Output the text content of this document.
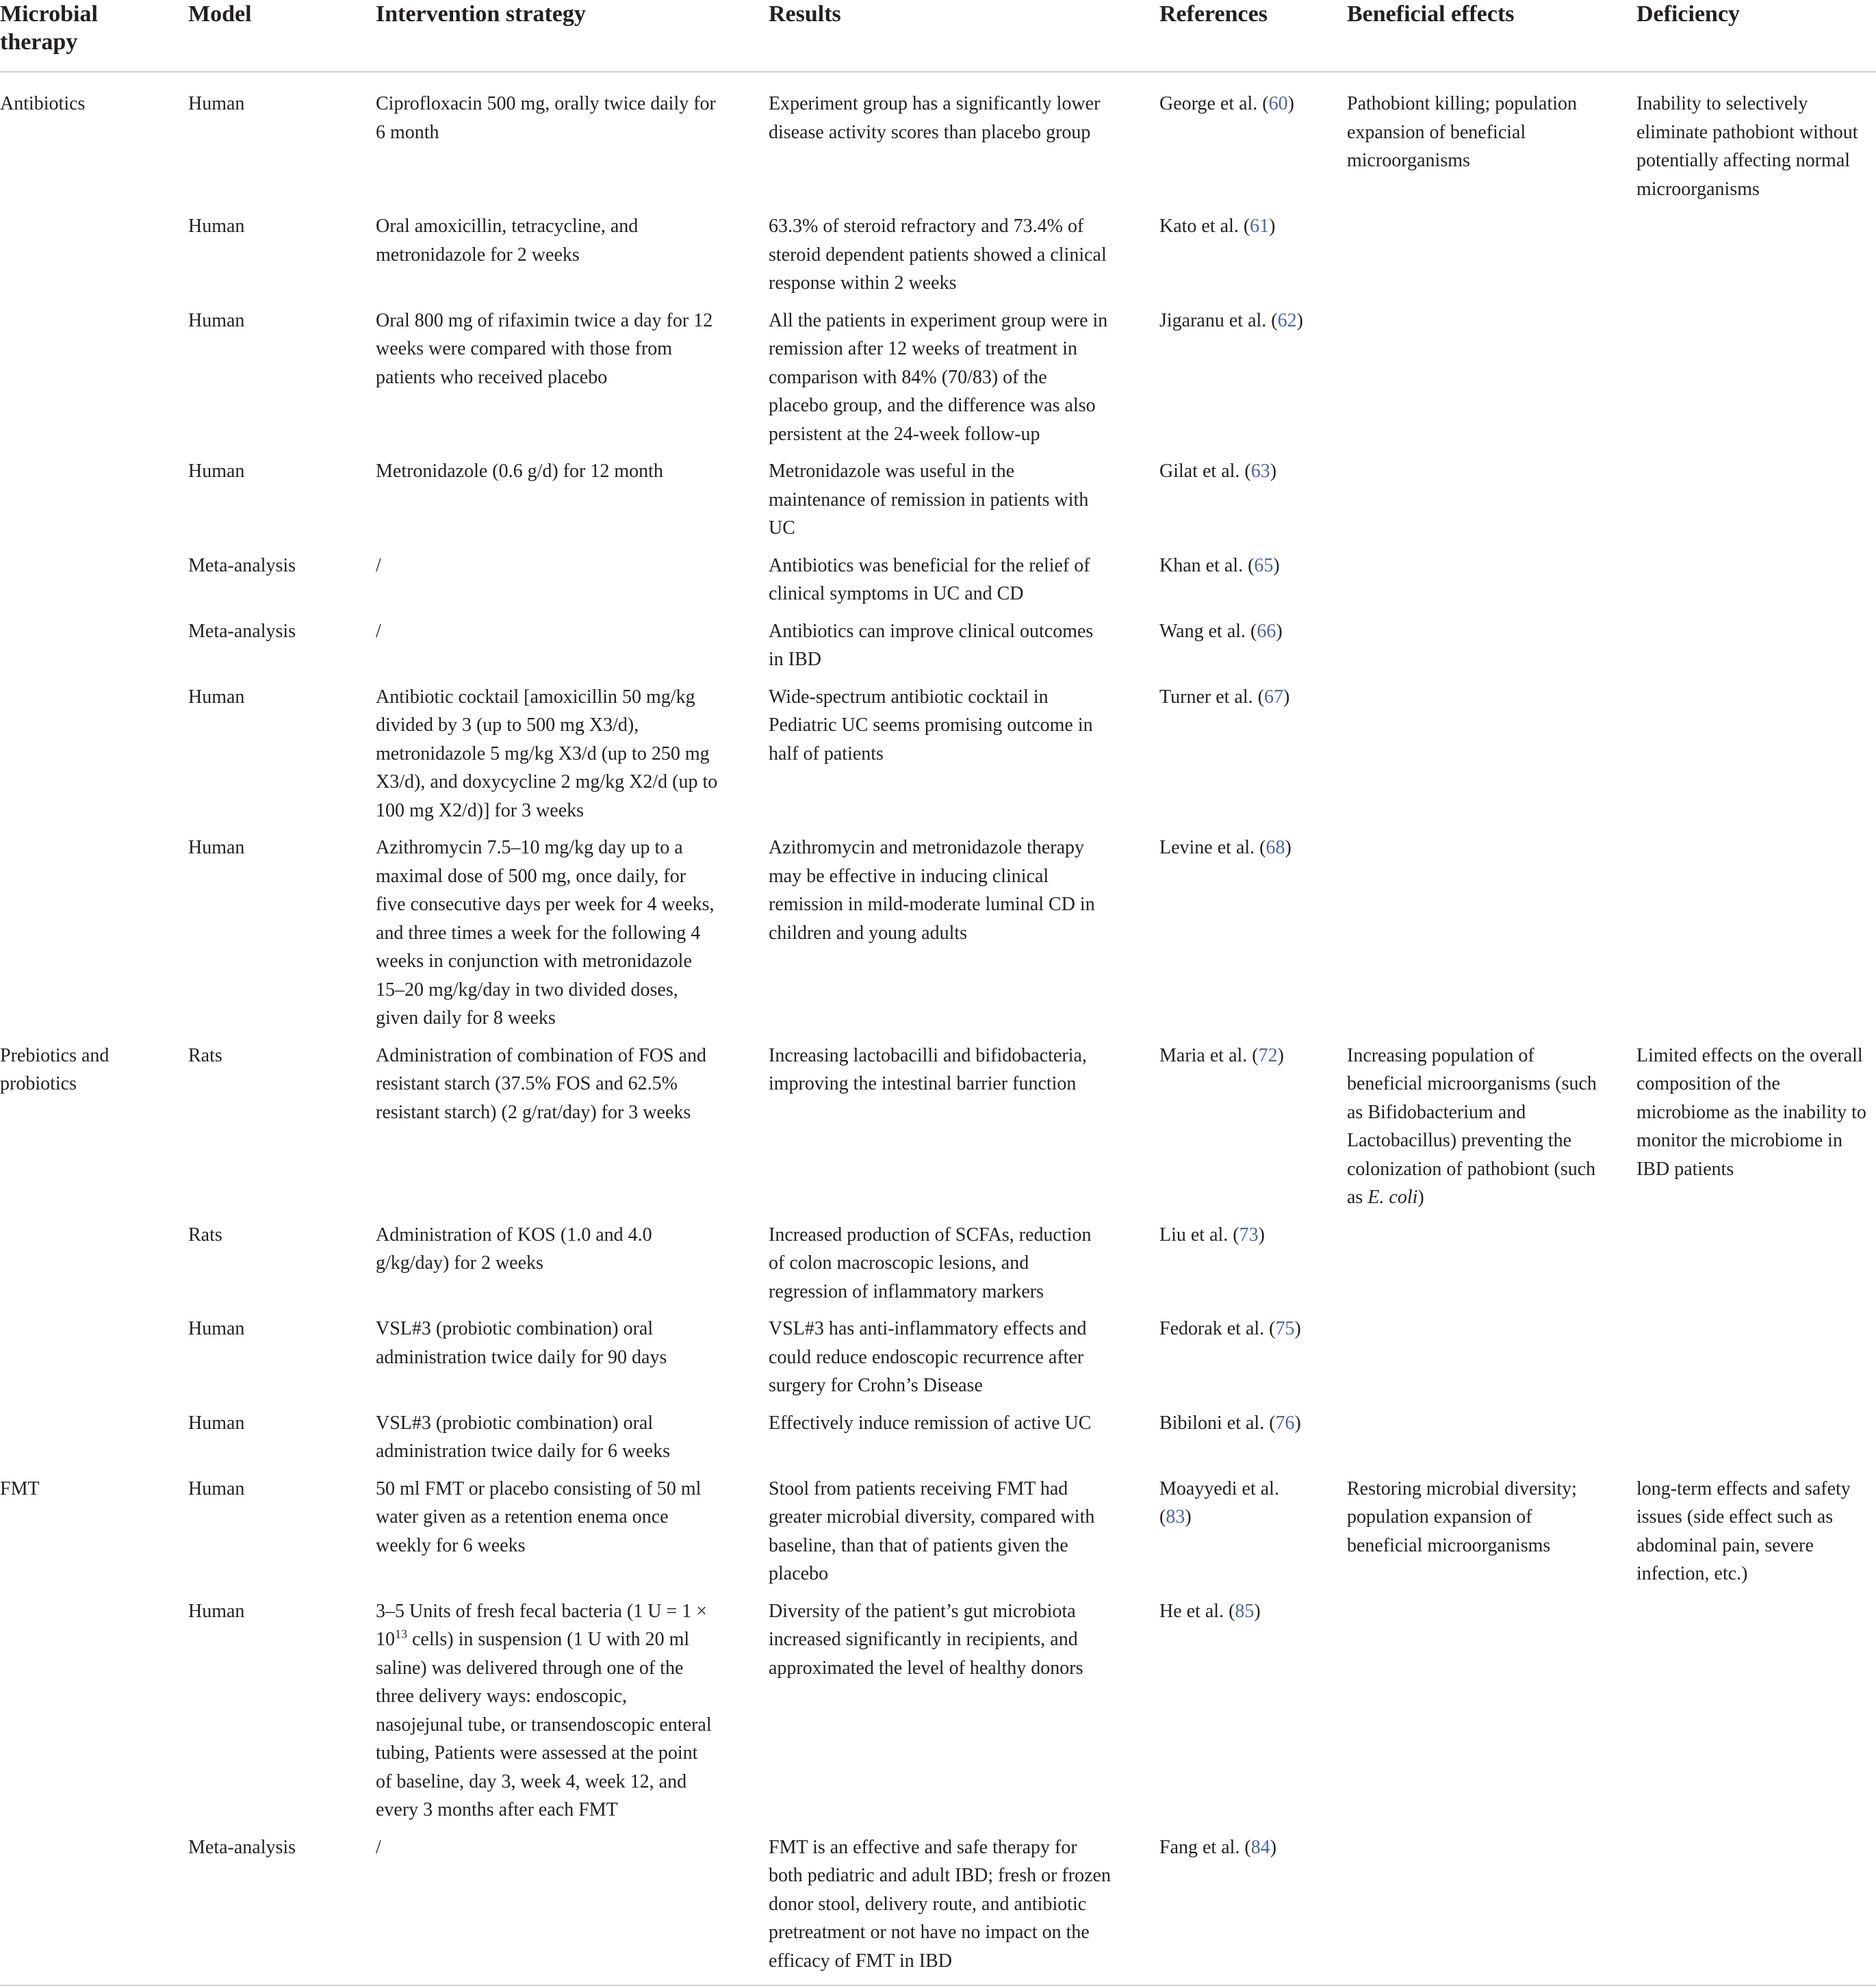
Microbial therapy	Model	Intervention strategy	Results	References	Beneficial effects	Deficiency

Antibiotics	Human	Ciprofloxacin 500 mg, orally twice daily for 6 month	Experiment group has a significantly lower disease activity scores than placebo group	George et al. (60)	Pathobiont killing; population expansion of beneficial microorganisms	Inability to selectively eliminate pathobiont without potentially affecting normal microorganisms

	Human	Oral amoxicillin, tetracycline, and metronidazole for 2 weeks	63.3% of steroid refractory and 73.4% of steroid dependent patients showed a clinical response within 2 weeks	Kato et al. (61)		

	Human	Oral 800 mg of rifaximin twice a day for 12 weeks were compared with those from patients who received placebo	All the patients in experiment group were in remission after 12 weeks of treatment in comparison with 84% (70/83) of the placebo group, and the difference was also persistent at the 24-week follow-up	Jigaranu et al. (62)		

	Human	Metronidazole (0.6 g/d) for 12 month	Metronidazole was useful in the maintenance of remission in patients with UC	Gilat et al. (63)		

	Meta-analysis	/	Antibiotics was beneficial for the relief of clinical symptoms in UC and CD	Khan et al. (65)		

	Meta-analysis	/	Antibiotics can improve clinical outcomes in IBD	Wang et al. (66)		

	Human	Antibiotic cocktail [amoxicillin 50 mg/kg divided by 3 (up to 500 mg X3/d), metronidazole 5 mg/kg X3/d (up to 250 mg X3/d), and doxycycline 2 mg/kg X2/d (up to 100 mg X2/d)] for 3 weeks	Wide-spectrum antibiotic cocktail in Pediatric UC seems promising outcome in half of patients	Turner et al. (67)		

	Human	Azithromycin 7.5–10 mg/kg day up to a maximal dose of 500 mg, once daily, for five consecutive days per week for 4 weeks, and three times a week for the following 4 weeks in conjunction with metronidazole 15–20 mg/kg/day in two divided doses, given daily for 8 weeks	Azithromycin and metronidazole therapy may be effective in inducing clinical remission in mild-moderate luminal CD in children and young adults	Levine et al. (68)		

Prebiotics and probiotics	Rats	Administration of combination of FOS and resistant starch (37.5% FOS and 62.5% resistant starch) (2 g/rat/day) for 3 weeks	Increasing lactobacilli and bifidobacteria, improving the intestinal barrier function	Maria et al. (72)	Increasing population of beneficial microorganisms (such as Bifidobacterium and Lactobacillus) preventing the colonization of pathobiont (such as E. coli)	Limited effects on the overall composition of the microbiome as the inability to monitor the microbiome in IBD patients

	Rats	Administration of KOS (1.0 and 4.0 g/kg/day) for 2 weeks	Increased production of SCFAs, reduction of colon macroscopic lesions, and regression of inflammatory markers	Liu et al. (73)		

	Human	VSL#3 (probiotic combination) oral administration twice daily for 90 days	VSL#3 has anti-inflammatory effects and could reduce endoscopic recurrence after surgery for Crohn’s Disease	Fedorak et al. (75)		

	Human	VSL#3 (probiotic combination) oral administration twice daily for 6 weeks	Effectively induce remission of active UC	Bibiloni et al. (76)		

FMT	Human	50 ml FMT or placebo consisting of 50 ml water given as a retention enema once weekly for 6 weeks	Stool from patients receiving FMT had greater microbial diversity, compared with baseline, than that of patients given the placebo	Moayyedi et al. (83)	Restoring microbial diversity; population expansion of beneficial microorganisms	long-term effects and safety issues (side effect such as abdominal pain, severe infection, etc.)

	Human	3–5 Units of fresh fecal bacteria (1 $U = 1 \times 10^{13}$ cells) in suspension (1 U with 20 ml saline) was delivered through one of the three delivery ways: endoscopic, nasojejunal tube, or transendoscopic enteral tubing, Patients were assessed at the point of baseline, day 3, week 4, week 12, and every 3 months after each FMT	Diversity of the patient’s gut microbiota increased significantly in recipients, and approximated the level of healthy donors	He et al. (85)		

	Meta-analysis	/	FMT is an effective and safe therapy for both pediatric and adult IBD; fresh or frozen donor stool, delivery route, and antibiotic pretreatment or not have no impact on the efficacy of FMT in IBD	Fang et al. (84)		
